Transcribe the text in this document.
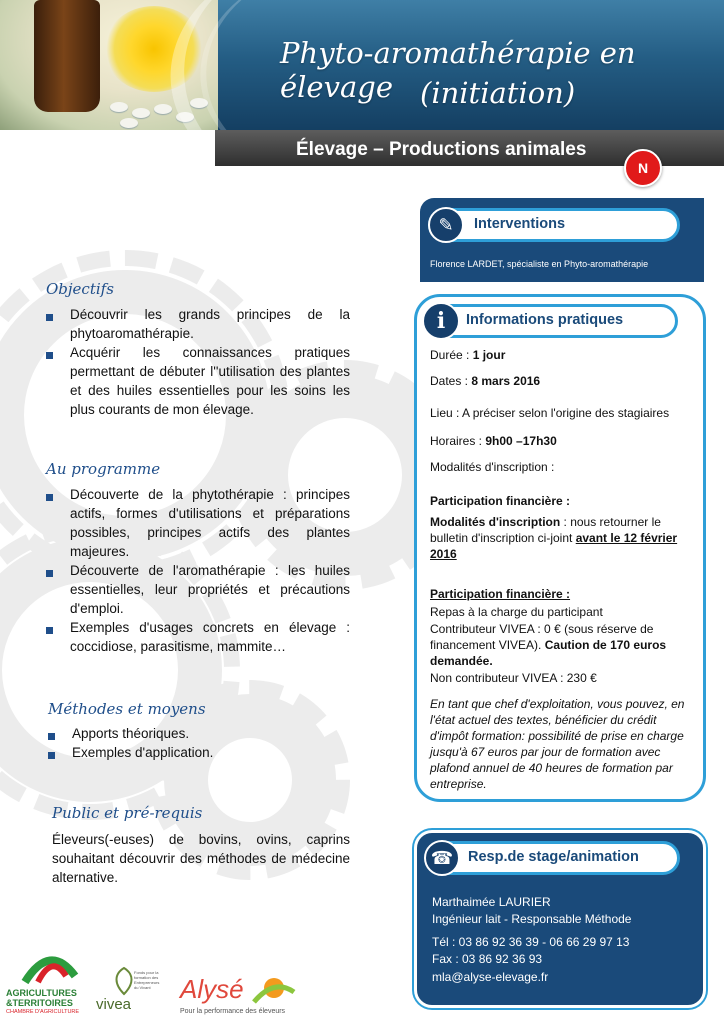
Phyto-aromathérapie en élevage (initiation)
Élevage – Productions animales
N
Objectifs
Découvrir les grands principes de la phytoaromathérapie.
Acquérir les connaissances pratiques permettant de débuter l''utilisation des plantes et des huiles essentielles pour les soins les plus courants de mon élevage.
Au programme
Découverte de la phytothérapie : principes actifs, formes d'utilisations et préparations possibles, principes actifs des plantes majeures.
Découverte de l'aromathérapie : les huiles essentielles, leur propriétés et précautions d'emploi.
Exemples d'usages concrets en élevage : coccidiose, parasitisme, mammite…
Méthodes et moyens
Apports théoriques.
Exemples d'application.
Public et pré-requis
Éleveurs(-euses) de bovins, ovins, caprins souhaitant découvrir des méthodes de médecine alternative.
✎	Interventions
Florence LARDET, spécialiste en Phyto-aromathérapie
i	Informations pratiques
Durée : 1 jour
Dates : 8 mars 2016
Lieu : A préciser selon l'origine des stagiaires
Horaires : 9h00 –17h30
Modalités d'inscription :
Participation financière :
Modalités d'inscription : nous retourner le bulletin d'inscription ci-joint avant le 12 février 2016
Participation financière :
Repas à la charge du participant
Contributeur VIVEA : 0 € (sous réserve de financement VIVEA). Caution de 170 euros demandée.
Non contributeur VIVEA : 230 €
En tant que chef d'exploitation, vous pouvez, en l'état actuel des textes, bénéficier du crédit d'impôt formation: possibilité de prise en charge jusqu'à 67 euros par jour de formation avec plafond annuel de 40 heures de formation par entreprise.
☎	Resp.de stage/animation
Marthaimée LAURIER
Ingénieur lait - Responsable Méthode
Tél : 03 86 92 36 39 - 06 66 29 97 13
Fax : 03 86 92 36 93
mla@alyse-elevage.fr
AGRICULTURES
&TERRITOIRES
CHAMBRE D'AGRICULTURE vivea
Fonds pour la formation des Entrepreneurs du Vivant	Alysé
Pour la performance des éleveurs
